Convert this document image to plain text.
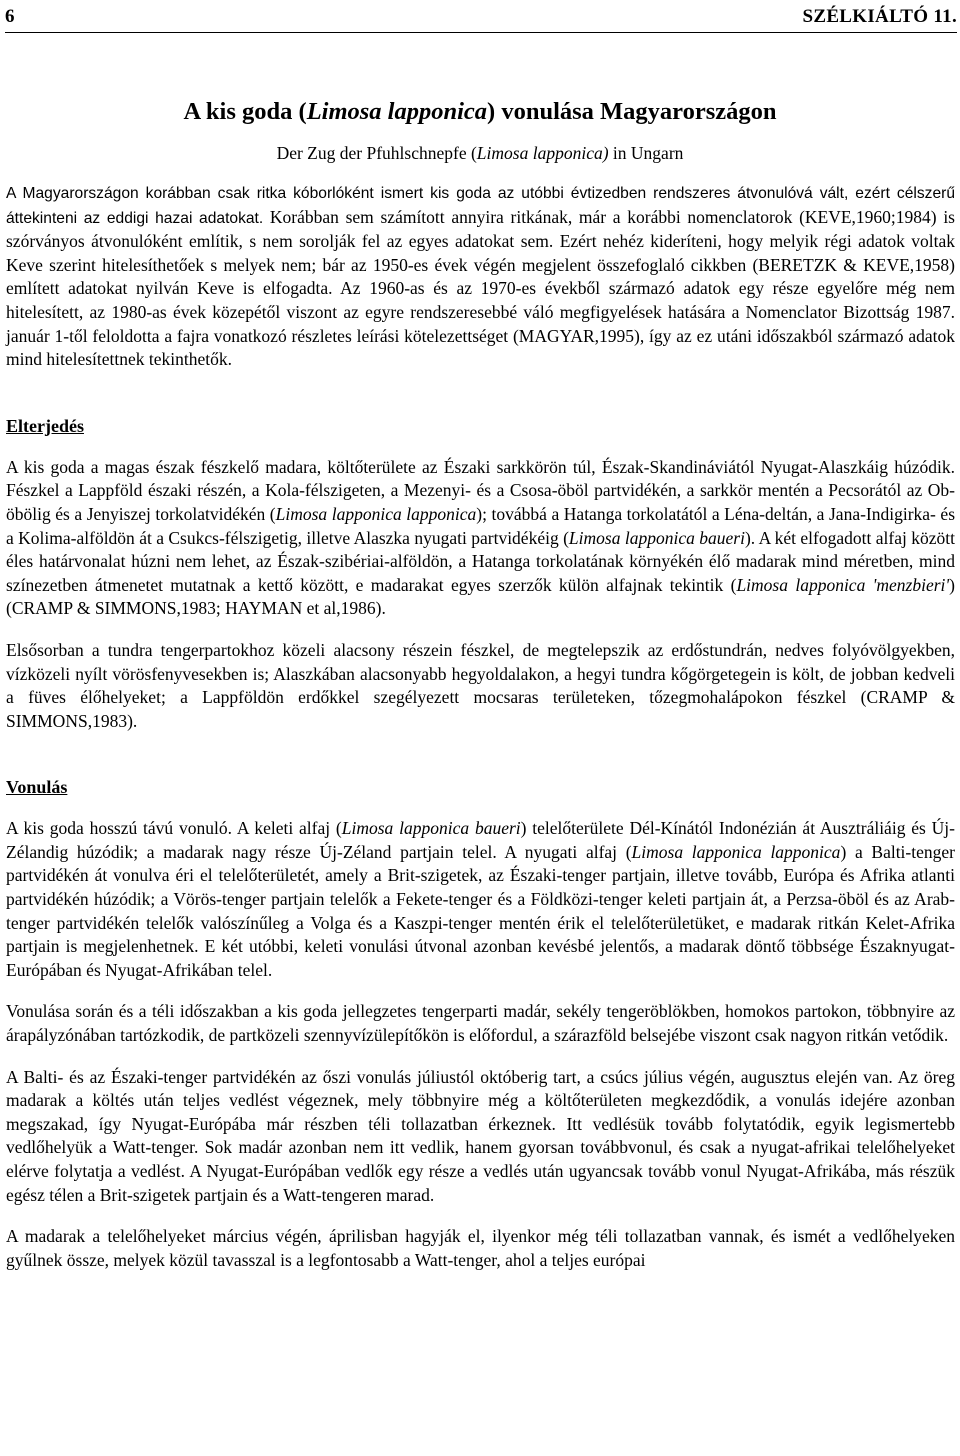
6	SZÉLKIÁLTÓ 11.
A kis goda (Limosa lapponica) vonulása Magyarországon

Der Zug der Pfuhlschnepfe (Limosa lapponica) in Ungarn

A Magyarországon korábban csak ritka kóborlóként ismert kis goda az utóbbi évtizedben rendszeres átvonulóvá vált, ezért célszerű áttekinteni az eddigi hazai adatokat. Korábban sem számított annyira ritkának, már a korábbi nomenclatorok (KEVE,1960;1984) is szórványos átvonulóként említik, s nem sorolják fel az egyes adatokat sem. Ezért nehéz kideríteni, hogy melyik régi adatok voltak Keve szerint hitelesíthetőek s melyek nem; bár az 1950-es évek végén megjelent összefoglaló cikkben (BERETZK & KEVE,1958) említett adatokat nyilván Keve is elfogadta. Az 1960-as és az 1970-es évekből származó adatok egy része egyelőre még nem hitelesített, az 1980-as évek közepétől viszont az egyre rendszeresebbé váló megfigyelések hatására a Nomenclator Bizottság 1987. január 1-től feloldotta a fajra vonatkozó részletes leírási kötelezettséget (MAGYAR,1995), így az ez utáni időszakból származó adatok mind hitelesítettnek tekinthetők.

Elterjedés

A kis goda a magas észak fészkelő madara, költőterülete az Északi sarkkörön túl, Észak-Skandináviától Nyugat-Alaszkáig húzódik. Fészkel a Lappföld északi részén, a Kola-félszigeten, a Mezenyi- és a Csosa-öböl partvidékén, a sarkkör mentén a Pecsorától az Ob-öbölig és a Jenyiszej torkolatvidékén (Limosa lapponica lapponica); továbbá a Hatanga torkolatától a Léna-deltán, a Jana-Indigirka- és a Kolima-alföldön át a Csukcs-félszigetig, illetve Alaszka nyugati partvidékéig (Limosa lapponica baueri). A két elfogadott alfaj között éles határvonalat húzni nem lehet, az Észak-szibériai-alföldön, a Hatanga torkolatának környékén élő madarak mind méretben, mind színezetben átmenetet mutatnak a kettő között, e madarakat egyes szerzők külön alfajnak tekintik (Limosa lapponica 'menzbieri') (CRAMP & SIMMONS,1983; HAYMAN et al,1986).

Elsősorban a tundra tengerpartokhoz közeli alacsony részein fészkel, de megtelepszik az erdőstundrán, nedves folyóvölgyekben, vízközeli nyílt vörösfenyvesekben is; Alaszkában alacsonyabb hegyoldalakon, a hegyi tundra kőgörgetegein is költ, de jobban kedveli a füves élőhelyeket; a Lappföldön erdőkkel szegélyezett mocsaras területeken, tőzegmohalápokon fészkel (CRAMP & SIMMONS,1983).

Vonulás

A kis goda hosszú távú vonuló. A keleti alfaj (Limosa lapponica baueri) telelőterülete Dél-Kínától Indonézián át Ausztráliáig és Új-Zélandig húzódik; a madarak nagy része Új-Zéland partjain telel. A nyugati alfaj (Limosa lapponica lapponica) a Balti-tenger partvidékén át vonulva éri el telelőterületét, amely a Brit-szigetek, az Északi-tenger partjain, illetve tovább, Európa és Afrika atlanti partvidékén húzódik; a Vörös-tenger partjain telelők a Fekete-tenger és a Földközi-tenger keleti partjain át, a Perzsa-öböl és az Arab-tenger partvidékén telelők valószínűleg a Volga és a Kaszpi-tenger mentén érik el telelőterületüket, e madarak ritkán Kelet-Afrika partjain is megjelenhetnek. E két utóbbi, keleti vonulási útvonal azonban kevésbé jelentős, a madarak döntő többsége Északnyugat-Európában és Nyugat-Afrikában telel.

Vonulása során és a téli időszakban a kis goda jellegzetes tengerparti madár, sekély tengeröblökben, homokos partokon, többnyire az árapályzónában tartózkodik, de partközeli szennyvízülepítőkön is előfordul, a szárazföld belsejébe viszont csak nagyon ritkán vetődik.

A Balti- és az Északi-tenger partvidékén az őszi vonulás júliustól októberig tart, a csúcs július végén, augusztus elején van. Az öreg madarak a költés után teljes vedlést végeznek, mely többnyire még a költőterületen megkezdődik, a vonulás idejére azonban megszakad, így Nyugat-Európába már részben téli tollazatban érkeznek. Itt vedlésük tovább folytatódik, egyik legismertebb vedlőhelyük a Watt-tenger. Sok madár azonban nem itt vedlik, hanem gyorsan továbbvonul, és csak a nyugat-afrikai telelőhelyeket elérve folytatja a vedlést. A Nyugat-Európában vedlők egy része a vedlés után ugyancsak tovább vonul Nyugat-Afrikába, más részük egész télen a Brit-szigetek partjain és a Watt-tengeren marad.

A madarak a telelőhelyeket március végén, áprilisban hagyják el, ilyenkor még téli tollazatban vannak, és ismét a vedlőhelyeken gyűlnek össze, melyek közül tavasszal is a legfontosabb a Watt-tenger, ahol a teljes európai
